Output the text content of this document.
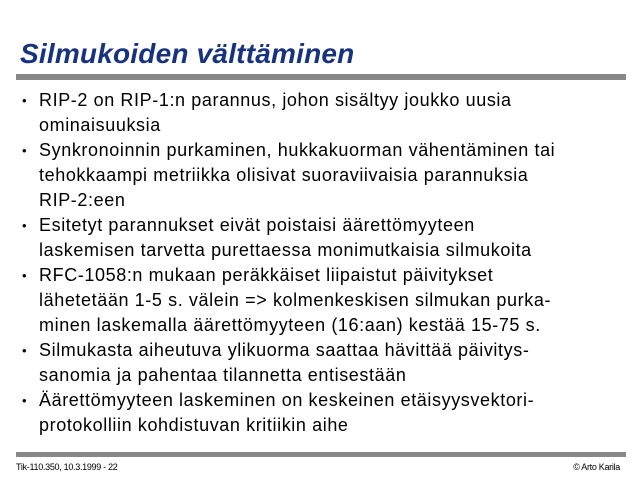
Silmukoiden välttäminen
• RIP-2 on RIP-1:n parannus, johon sisältyy joukko uusia
ominaisuuksia
• Synkronoinnin purkaminen, hukkakuorman vähentäminen tai
tehokkaampi metriikka olisivat suoraviivaisia parannuksia
RIP-2:een
• Esitetyt parannukset eivät poistaisi äärettömyyteen
laskemisen tarvetta purettaessa monimutkaisia silmukoita
• RFC-1058:n mukaan peräkkäiset liipaistut päivitykset
lähetetään 1-5 s. välein => kolmenkeskisen silmukan purka-
minen laskemalla äärettömyyteen (16:aan) kestää 15-75 s.
• Silmukasta aiheutuva ylikuorma saattaa hävittää päivitys-
sanomia ja pahentaa tilannetta entisestään
• Äärettömyyteen laskeminen on keskeinen etäisyysvektori-
protokolliin kohdistuvan kritiikin aihe
Tik-110.350, 10.3.1999 - 22	© Arto Karila
